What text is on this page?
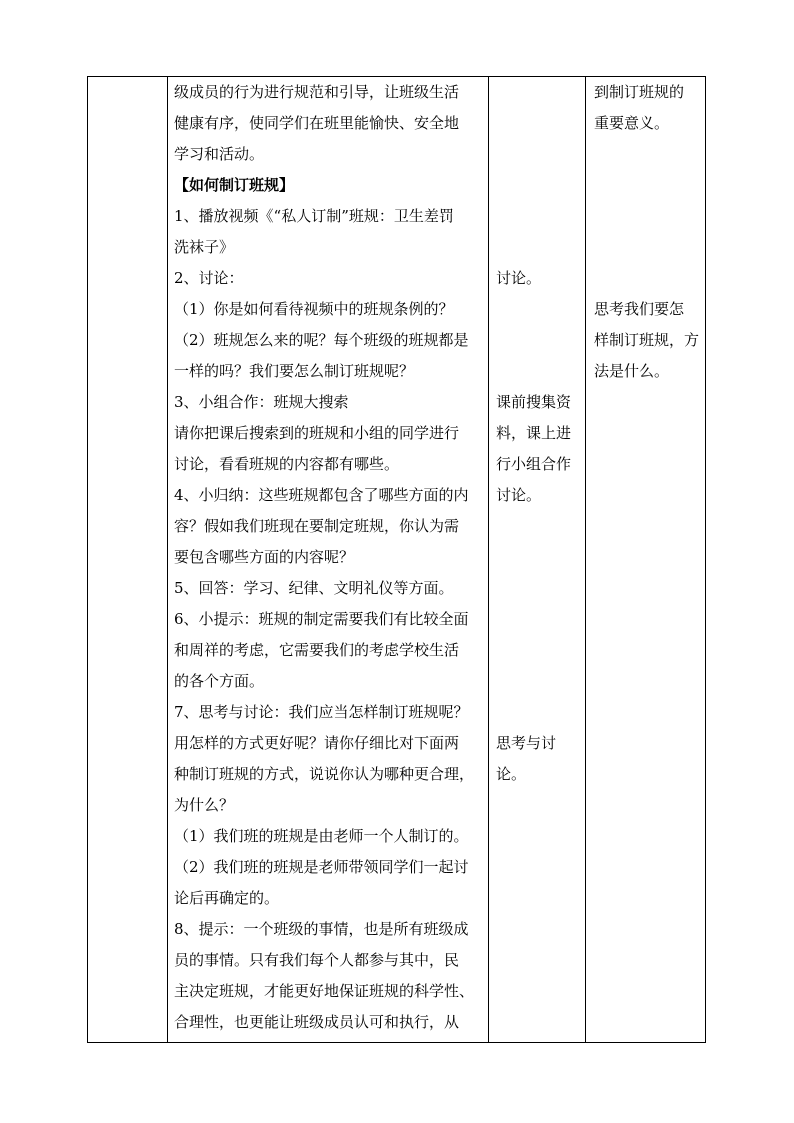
级成员的行为进行规范和引导，让班级生活
健康有序，使同学们在班里能愉快、安全地
学习和活动。
【如何制订班规】
1、播放视频《“私人订制”班规：卫生差罚
洗袜子》
2、讨论：
（1）你是如何看待视频中的班规条例的？
（2）班规怎么来的呢？每个班级的班规都是
一样的吗？我们要怎么制订班规呢？
3、小组合作：班规大搜索
请你把课后搜索到的班规和小组的同学进行
讨论，看看班规的内容都有哪些。
4、小归纳：这些班规都包含了哪些方面的内
容？假如我们班现在要制定班规，你认为需
要包含哪些方面的内容呢？
5、回答：学习、纪律、文明礼仪等方面。
6、小提示：班规的制定需要我们有比较全面
和周祥的考虑，它需要我们的考虑学校生活
的各个方面。
7、思考与讨论：我们应当怎样制订班规呢？
用怎样的方式更好呢？请你仔细比对下面两
种制订班规的方式，说说你认为哪种更合理，
为什么？
（1）我们班的班规是由老师一个人制订的。
（2）我们班的班规是老师带领同学们一起讨
论后再确定的。
8、提示：一个班级的事情，也是所有班级成
员的事情。只有我们每个人都参与其中，民
主决定班规，才能更好地保证班规的科学性、
合理性，也更能让班级成员认可和执行，从
讨论。
课前搜集资
料，课上进
行小组合作
讨论。
思考与讨
论。
到制订班规的
重要意义。
思考我们要怎
样制订班规，方
法是什么。
